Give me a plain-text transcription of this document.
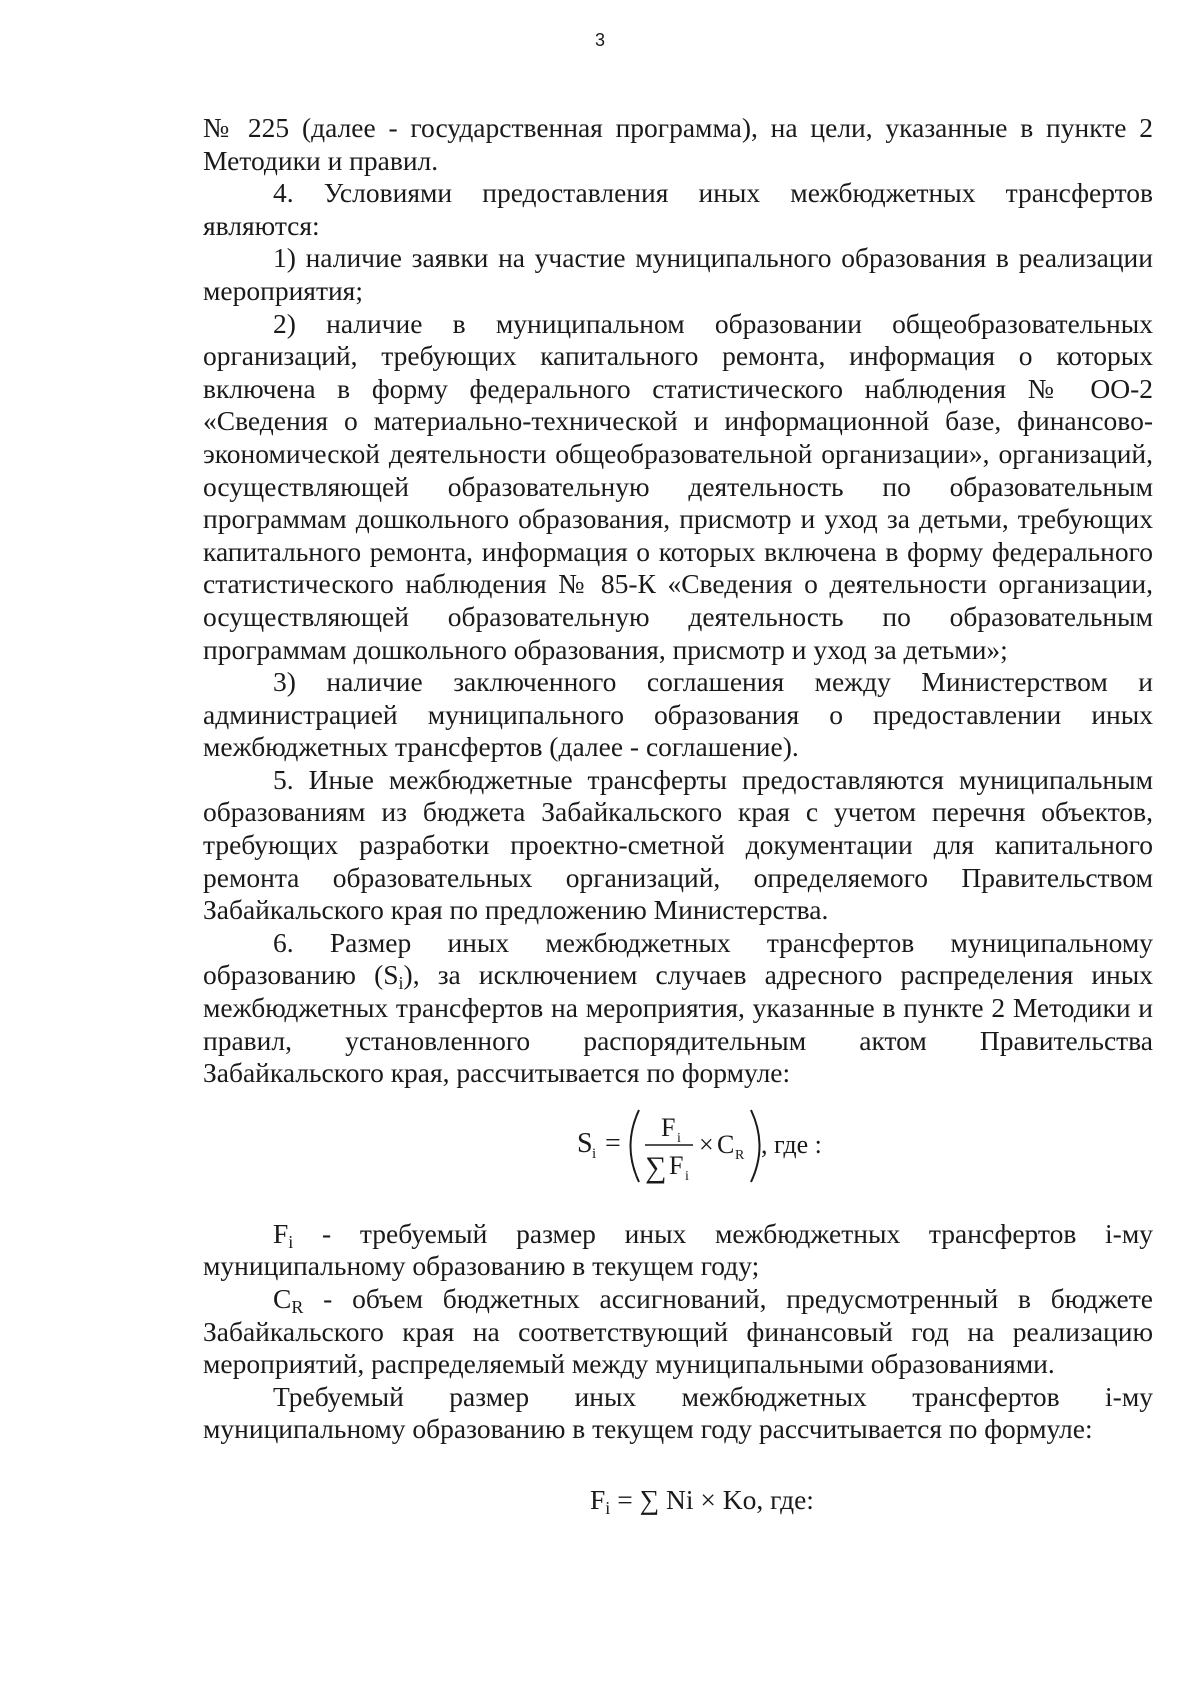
3

№ 225 (далее - государственная программа), на цели, указанные в пункте 2 Методики и правил.

4. Условиями предоставления иных межбюджетных трансфертов являются:

1) наличие заявки на участие муниципального образования в реализации мероприятия;

2) наличие в муниципальном образовании общеобразовательных организаций, требующих капитального ремонта, информация о которых включена в форму федерального статистического наблюдения № ОО-2 «Сведения о материально-технической и информационной базе, финансово-экономической деятельности общеобразовательной организации», организаций, осуществляющей образовательную деятельность по образовательным программам дошкольного образования, присмотр и уход за детьми, требующих капитального ремонта, информация о которых включена в форму федерального статистического наблюдения № 85-К «Сведения о деятельности организации, осуществляющей образовательную деятельность по образовательным программам дошкольного образования, присмотр и уход за детьми»;

3) наличие заключенного соглашения между Министерством и администрацией муниципального образования о предоставлении иных межбюджетных трансфертов (далее - соглашение).

5. Иные межбюджетные трансферты предоставляются муниципальным образованиям из бюджета Забайкальского края с учетом перечня объектов, требующих разработки проектно-сметной документации для капитального ремонта образовательных организаций, определяемого Правительством Забайкальского края по предложению Министерства.

6. Размер иных межбюджетных трансфертов муниципальному образованию $(S_i)$, за исключением случаев адресного распределения иных межбюджетных трансфертов на мероприятия, указанные в пункте 2 Методики и правил, установленного распорядительным актом Правительства Забайкальского края, рассчитывается по формуле:

S i =
F i
∑ F i
× C R , где :

$F_i$ - требуемый размер иных межбюджетных трансфертов i-му муниципальному образованию в текущем году;

$C_R$ - объем бюджетных ассигнований, предусмотренный в бюджете Забайкальского края на соответствующий финансовый год на реализацию мероприятий, распределяемый между муниципальными образованиями.

Требуемый размер иных межбюджетных трансфертов i-му муниципальному образованию в текущем году рассчитывается по формуле:

$F_i$ = ∑ Ni × Ko, где:
